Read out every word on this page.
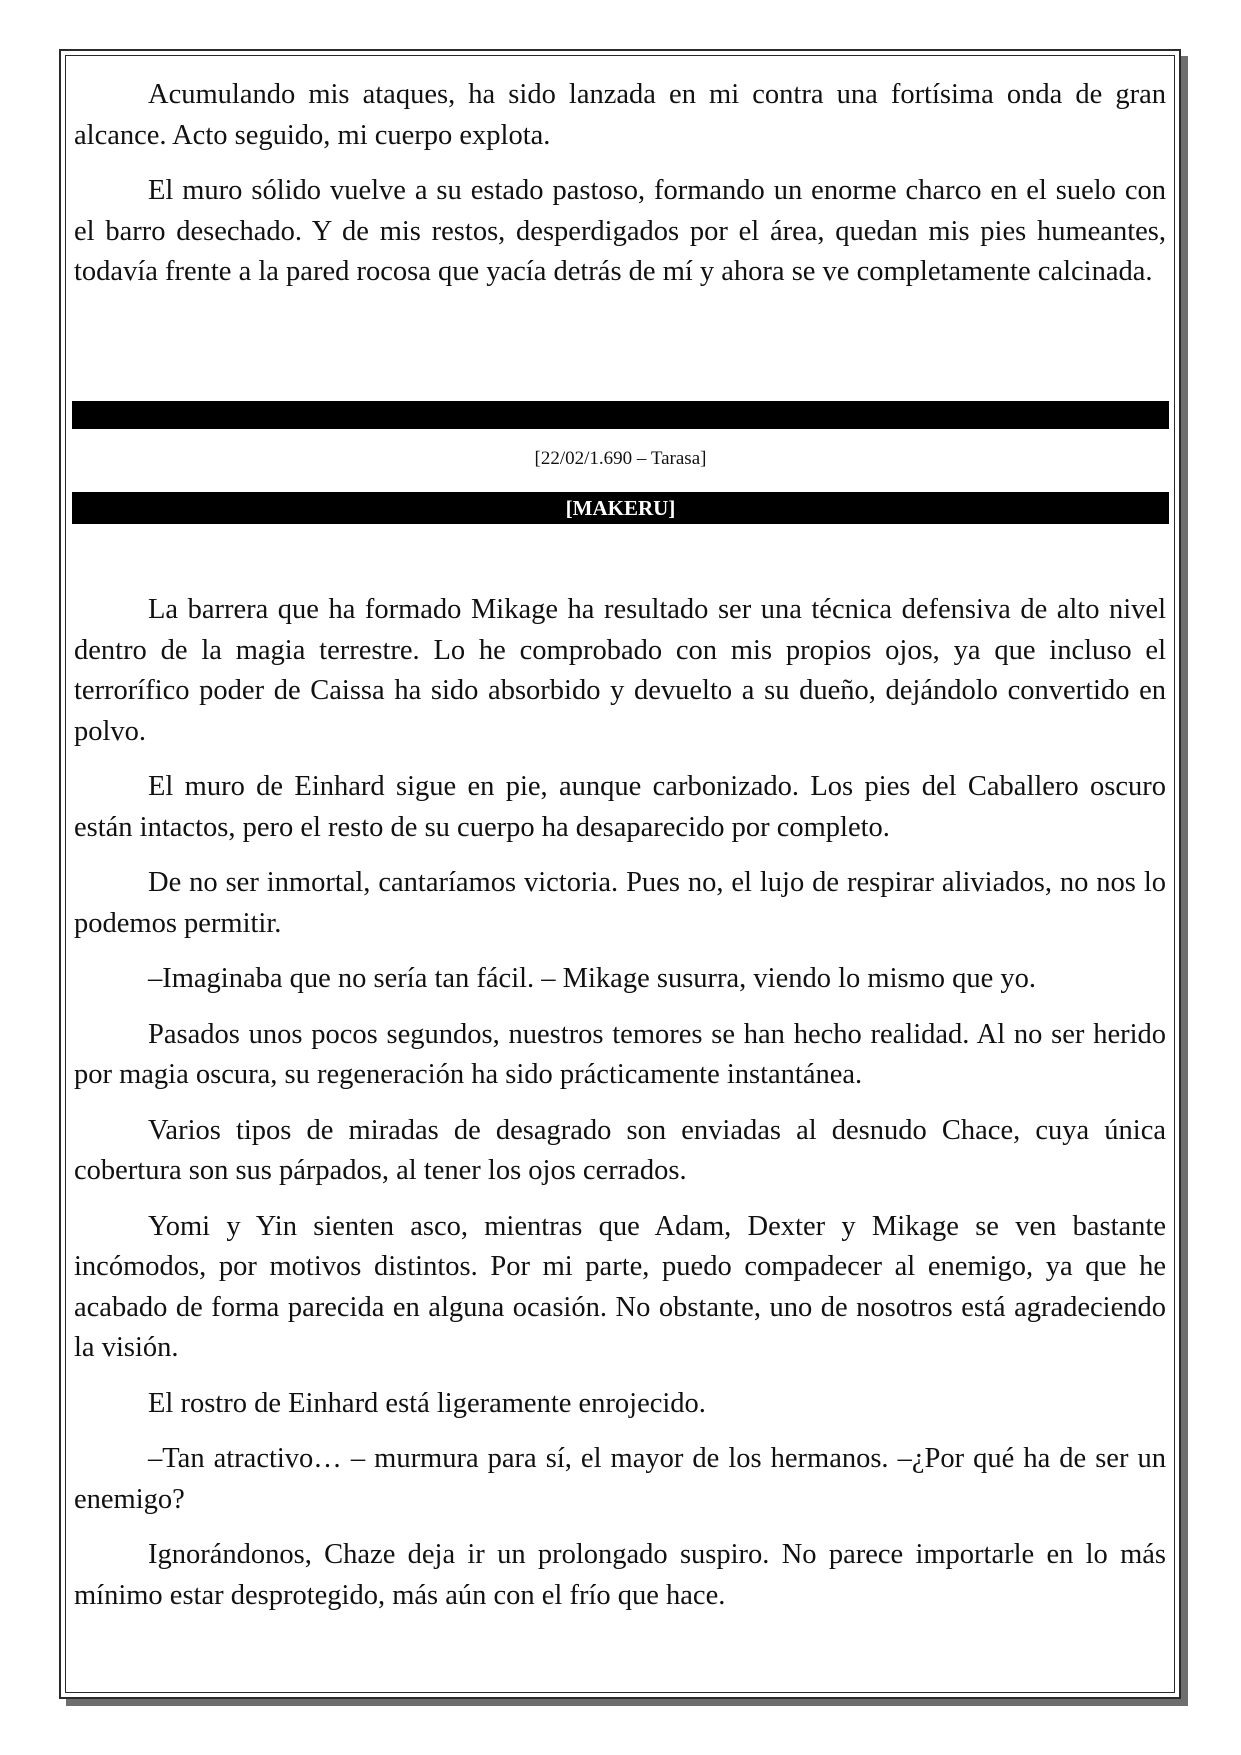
Acumulando mis ataques, ha sido lanzada en mi contra una fortísima onda de gran alcance. Acto seguido, mi cuerpo explota.

El muro sólido vuelve a su estado pastoso, formando un enorme charco en el suelo con el barro desechado. Y de mis restos, desperdigados por el área, quedan mis pies humeantes, todavía frente a la pared rocosa que yacía detrás de mí y ahora se ve completamente calcinada.

[22/02/1.690 – Tarasa]
[MAKERU]

La barrera que ha formado Mikage ha resultado ser una técnica defensiva de alto nivel dentro de la magia terrestre. Lo he comprobado con mis propios ojos, ya que incluso el terrorífico poder de Caissa ha sido absorbido y devuelto a su dueño, dejándolo convertido en polvo.

El muro de Einhard sigue en pie, aunque carbonizado. Los pies del Caballero oscuro están intactos, pero el resto de su cuerpo ha desaparecido por completo.

De no ser inmortal, cantaríamos victoria. Pues no, el lujo de respirar aliviados, no nos lo podemos permitir.

–Imaginaba que no sería tan fácil. – Mikage susurra, viendo lo mismo que yo.

Pasados unos pocos segundos, nuestros temores se han hecho realidad. Al no ser herido por magia oscura, su regeneración ha sido prácticamente instantánea.

Varios tipos de miradas de desagrado son enviadas al desnudo Chace, cuya única cobertura son sus párpados, al tener los ojos cerrados.

Yomi y Yin sienten asco, mientras que Adam, Dexter y Mikage se ven bastante incómodos, por motivos distintos. Por mi parte, puedo compadecer al enemigo, ya que he acabado de forma parecida en alguna ocasión. No obstante, uno de nosotros está agradeciendo la visión.

El rostro de Einhard está ligeramente enrojecido.

–Tan atractivo… – murmura para sí, el mayor de los hermanos. –¿Por qué ha de ser un enemigo?

Ignorándonos, Chaze deja ir un prolongado suspiro. No parece importarle en lo más mínimo estar desprotegido, más aún con el frío que hace.
